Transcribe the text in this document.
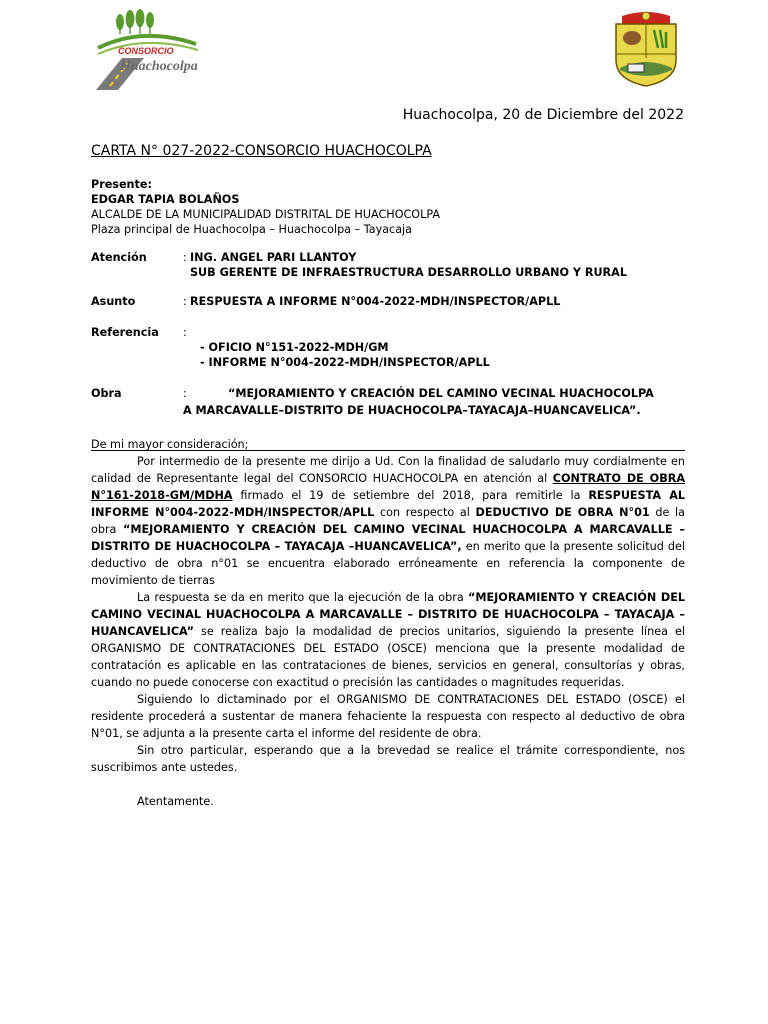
CONSORCIO
Huachocolpa
Huachocolpa, 20 de Diciembre del 2022
CARTA N° 027-2022-CONSORCIO HUACHOCOLPA
Presente:
EDGAR TAPIA BOLAÑOS
ALCALDE DE LA MUNICIPALIDAD DISTRITAL DE HUACHOCOLPA
Plaza principal de Huachocolpa – Huachocolpa – Tayacaja
Atención	: ING. ANGEL PARI LLANTOY
SUB GERENTE DE INFRAESTRUCTURA DESARROLLO URBANO Y RURAL
Asunto	: RESPUESTA A INFORME N°004-2022-MDH/INSPECTOR/APLL
Referencia :
- OFICIO N°151-2022-MDH/GM
- INFORME N°004-2022-MDH/INSPECTOR/APLL
Obra	:	“MEJORAMIENTO Y CREACIÓN DEL CAMINO VECINAL HUACHOCOLPA
A MARCAVALLE–DISTRITO DE HUACHOCOLPA–TAYACAJA–HUANCAVELICA”.

De mi mayor consideración;

Por intermedio de la presente me dirijo a Ud. Con la finalidad de saludarlo muy cordialmente en calidad de Representante legal del CONSORCIO HUACHOCOLPA en atención al CONTRATO DE OBRA N°161-2018-GM/MDHA firmado el 19 de setiembre del 2018, para remitirle la RESPUESTA AL INFORME N°004-2022-MDH/INSPECTOR/APLL con respecto al DEDUCTIVO DE OBRA N°01 de la obra “MEJORAMIENTO Y CREACIÓN DEL CAMINO VECINAL HUACHOCOLPA A MARCAVALLE – DISTRITO DE HUACHOCOLPA – TAYACAJA –HUANCAVELICA”, en merito que la presente solicitud del deductivo de obra n°01 se encuentra elaborado erróneamente en referencia la componente de movimiento de tierras

La respuesta se da en merito que la ejecución de la obra “MEJORAMIENTO Y CREACIÓN DEL CAMINO VECINAL HUACHOCOLPA A MARCAVALLE – DISTRITO DE HUACHOCOLPA – TAYACAJA –HUANCAVELICA” se realiza bajo la modalidad de precios unitarios, siguiendo la presente línea el ORGANISMO DE CONTRATACIONES DEL ESTADO (OSCE) menciona que la presente modalidad de contratación es aplicable en las contrataciones de bienes, servicios en general, consultorías y obras, cuando no puede conocerse con exactitud o precisión las cantidades o magnitudes requeridas.

Siguiendo lo dictaminado por el ORGANISMO DE CONTRATACIONES DEL ESTADO (OSCE) el residente procederá a sustentar de manera fehaciente la respuesta con respecto al deductivo de obra N°01, se adjunta a la presente carta el informe del residente de obra.

Sin otro particular, esperando que a la brevedad se realice el trámite correspondiente, nos suscribimos ante ustedes.

Atentamente.
